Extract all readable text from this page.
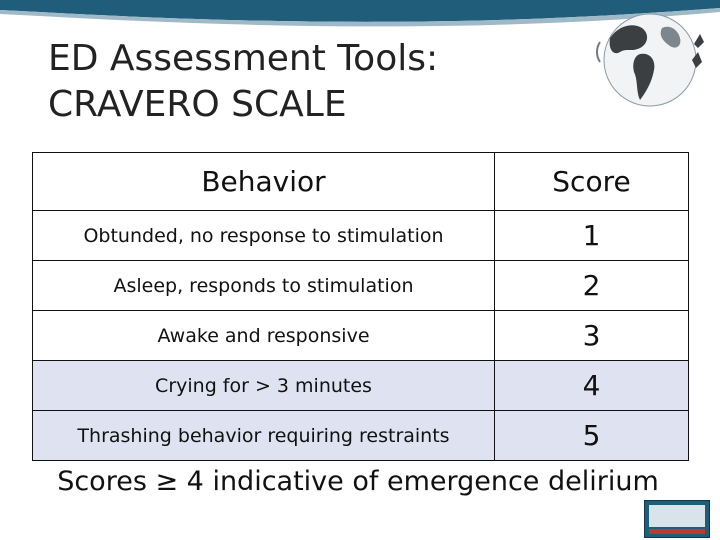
ED Assessment Tools:
CRAVERO SCALE
Behavior	Score
Obtunded, no response to stimulation	1
Asleep, responds to stimulation	2
Awake and responsive	3
Crying for > 3 minutes	4
Thrashing behavior requiring restraints	5
Scores ≥ 4 indicative of emergence delirium
